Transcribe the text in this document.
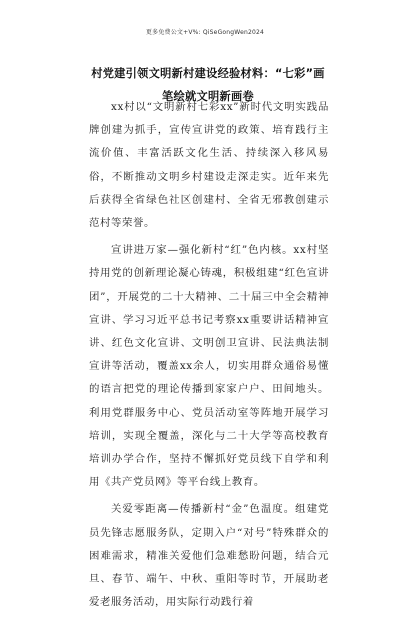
更多免费公文+V%: QiSeGongWen2024
村党建引领文明新村建设经验材料：“七彩”画笔绘就文明新画卷

xx村以“文明新村七彩xx”新时代文明实践品牌创建为抓手，宣传宣讲党的政策、培育践行主流价值、丰富活跃文化生活、持续深入移风易俗，不断推动文明乡村建设走深走实。近年来先后获得全省绿色社区创建村、全省无邪教创建示范村等荣誉。

宣讲进万家—强化新村“红”色内核。xx村坚持用党的创新理论凝心铸魂，积极组建“红色宣讲团”，开展党的二十大精神、二十届三中全会精神宣讲、学习习近平总书记考察xx重要讲话精神宣讲、红色文化宣讲、文明创卫宣讲、民法典法制宣讲等活动，覆盖xx余人，切实用群众通俗易懂的语言把党的理论传播到家家户户、田间地头。利用党群服务中心、党员活动室等阵地开展学习培训，实现全覆盖，深化与二十大学等高校教育培训办学合作，坚持不懈抓好党员线下自学和利用《共产党员网》等平台线上教育。

关爱零距离—传播新村“金”色温度。组建党员先锋志愿服务队，定期入户“对号”特殊群众的困难需求，精准关爱他们急难愁盼问题，结合元旦、春节、端午、中秋、重阳等时节，开展助老爱老服务活动，用实际行动践行着
